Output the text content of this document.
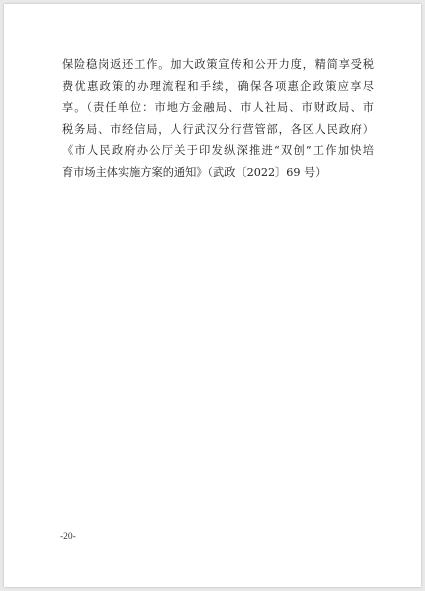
保险稳岗返还工作。加大政策宣传和公开力度，精简享受税
费优惠政策的办理流程和手续，确保各项惠企政策应享尽
享。（责任单位：市地方金融局、市人社局、市财政局、市
税务局、市经信局，人行武汉分行营管部，各区人民政府）
《市人民政府办公厅关于印发纵深推进“双创”工作加快培
育市场主体实施方案的通知》（武政〔2022〕69 号）
-20-
